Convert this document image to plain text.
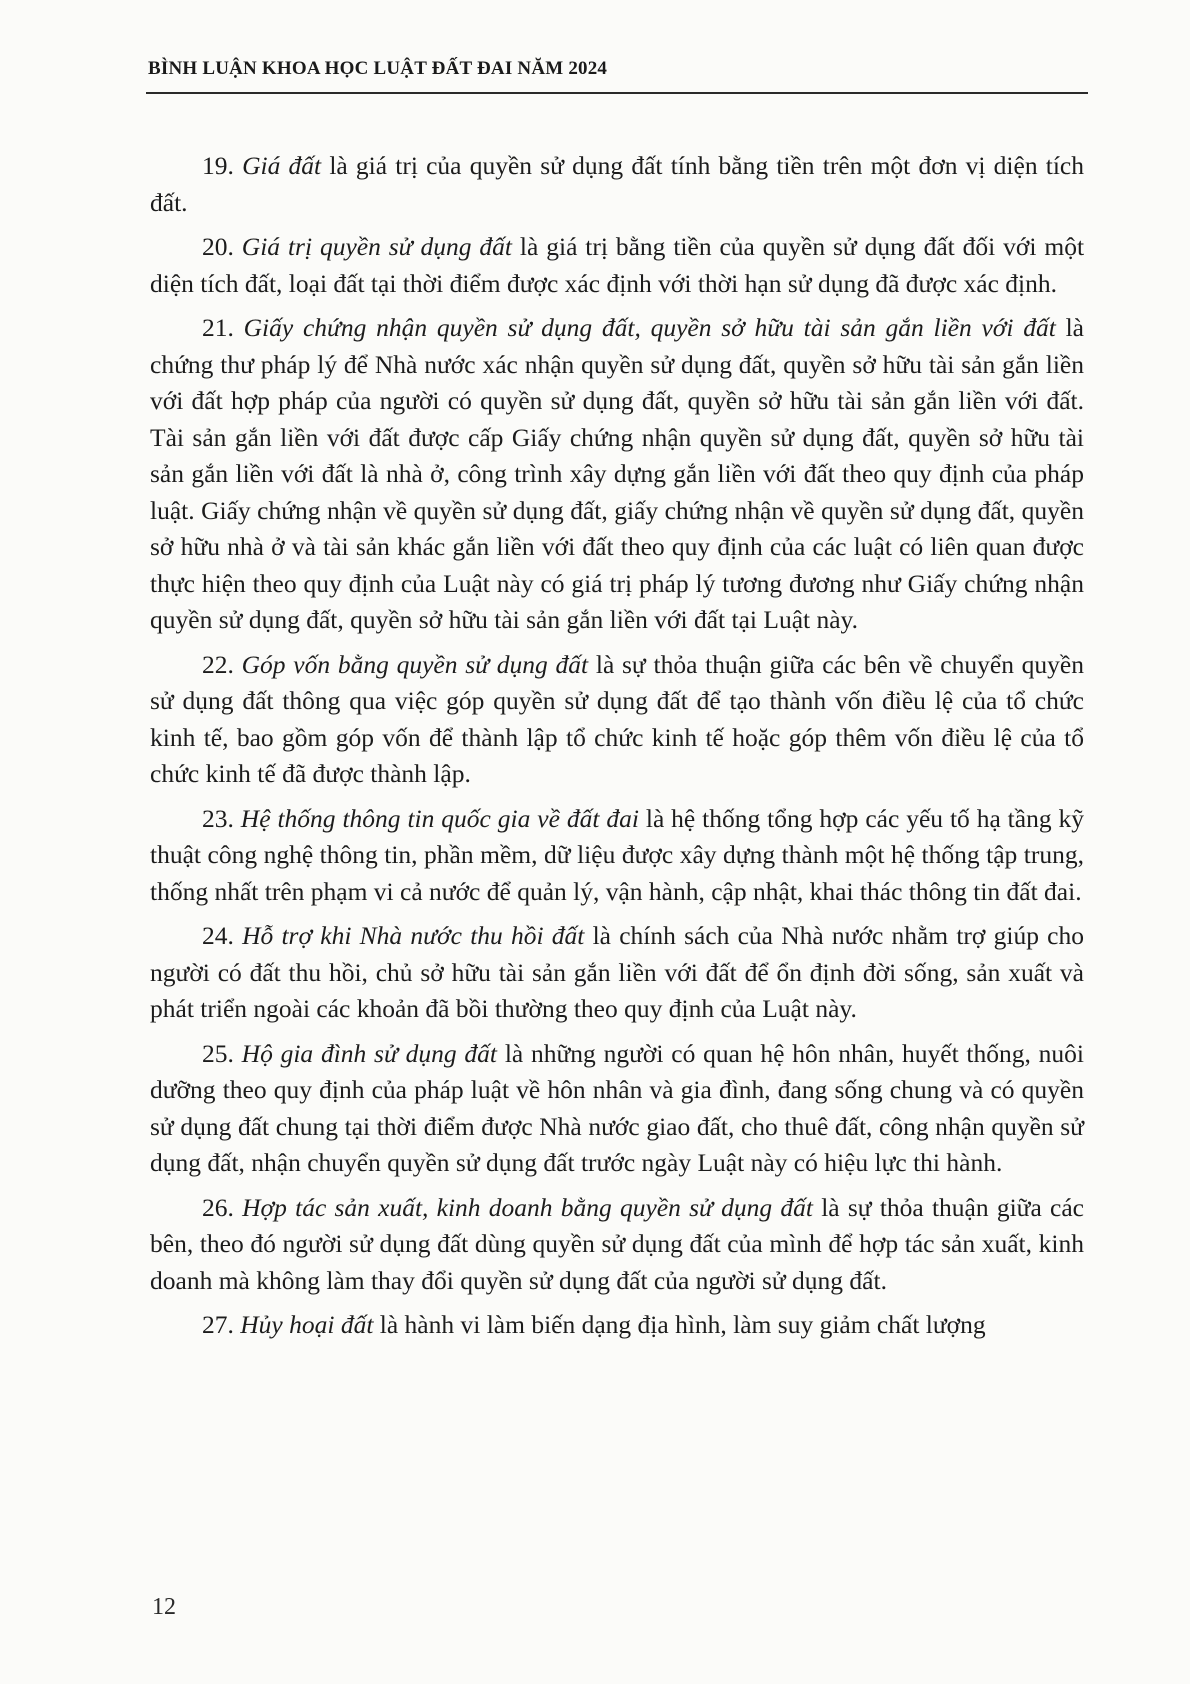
BÌNH LUẬN KHOA HỌC LUẬT ĐẤT ĐAI NĂM 2024

19. Giá đất là giá trị của quyền sử dụng đất tính bằng tiền trên một đơn vị diện tích đất.

20. Giá trị quyền sử dụng đất là giá trị bằng tiền của quyền sử dụng đất đối với một diện tích đất, loại đất tại thời điểm được xác định với thời hạn sử dụng đã được xác định.

21. Giấy chứng nhận quyền sử dụng đất, quyền sở hữu tài sản gắn liền với đất là chứng thư pháp lý để Nhà nước xác nhận quyền sử dụng đất, quyền sở hữu tài sản gắn liền với đất hợp pháp của người có quyền sử dụng đất, quyền sở hữu tài sản gắn liền với đất. Tài sản gắn liền với đất được cấp Giấy chứng nhận quyền sử dụng đất, quyền sở hữu tài sản gắn liền với đất là nhà ở, công trình xây dựng gắn liền với đất theo quy định của pháp luật. Giấy chứng nhận về quyền sử dụng đất, giấy chứng nhận về quyền sử dụng đất, quyền sở hữu nhà ở và tài sản khác gắn liền với đất theo quy định của các luật có liên quan được thực hiện theo quy định của Luật này có giá trị pháp lý tương đương như Giấy chứng nhận quyền sử dụng đất, quyền sở hữu tài sản gắn liền với đất tại Luật này.

22. Góp vốn bằng quyền sử dụng đất là sự thỏa thuận giữa các bên về chuyển quyền sử dụng đất thông qua việc góp quyền sử dụng đất để tạo thành vốn điều lệ của tổ chức kinh tế, bao gồm góp vốn để thành lập tổ chức kinh tế hoặc góp thêm vốn điều lệ của tổ chức kinh tế đã được thành lập.

23. Hệ thống thông tin quốc gia về đất đai là hệ thống tổng hợp các yếu tố hạ tầng kỹ thuật công nghệ thông tin, phần mềm, dữ liệu được xây dựng thành một hệ thống tập trung, thống nhất trên phạm vi cả nước để quản lý, vận hành, cập nhật, khai thác thông tin đất đai.

24. Hỗ trợ khi Nhà nước thu hồi đất là chính sách của Nhà nước nhằm trợ giúp cho người có đất thu hồi, chủ sở hữu tài sản gắn liền với đất để ổn định đời sống, sản xuất và phát triển ngoài các khoản đã bồi thường theo quy định của Luật này.

25. Hộ gia đình sử dụng đất là những người có quan hệ hôn nhân, huyết thống, nuôi dưỡng theo quy định của pháp luật về hôn nhân và gia đình, đang sống chung và có quyền sử dụng đất chung tại thời điểm được Nhà nước giao đất, cho thuê đất, công nhận quyền sử dụng đất, nhận chuyển quyền sử dụng đất trước ngày Luật này có hiệu lực thi hành.

26. Hợp tác sản xuất, kinh doanh bằng quyền sử dụng đất là sự thỏa thuận giữa các bên, theo đó người sử dụng đất dùng quyền sử dụng đất của mình để hợp tác sản xuất, kinh doanh mà không làm thay đổi quyền sử dụng đất của người sử dụng đất.

27. Hủy hoại đất là hành vi làm biến dạng địa hình, làm suy giảm chất lượng

12
